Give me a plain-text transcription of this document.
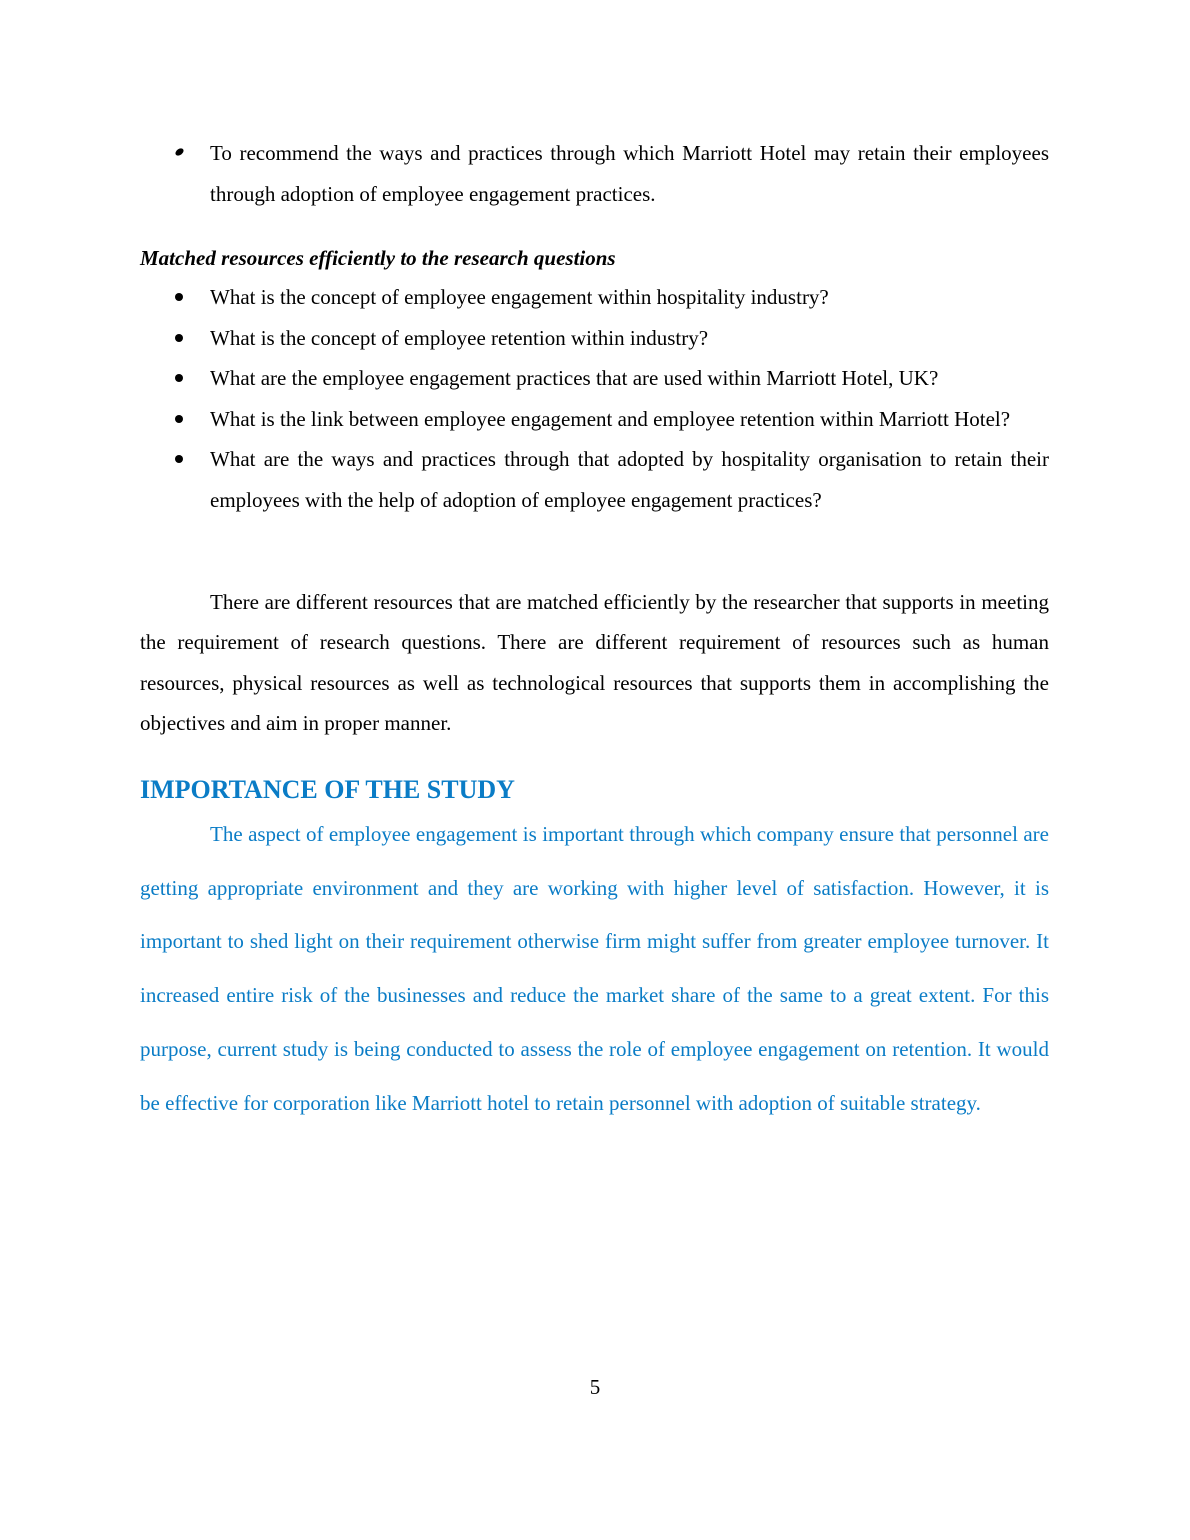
To recommend the ways and practices through which Marriott Hotel may retain their employees through adoption of employee engagement practices.
Matched resources efficiently to the research questions
What is the concept of employee engagement within hospitality industry?
What is the concept of employee retention within industry?
What are the employee engagement practices that are used within Marriott Hotel, UK?
What is the link between employee engagement and employee retention within Marriott Hotel?
What are the ways and practices through that adopted by hospitality organisation to retain their employees with the help of adoption of employee engagement practices?

There are different resources that are matched efficiently by the researcher that supports in meeting the requirement of research questions. There are different requirement of resources such as human resources, physical resources as well as technological resources that supports them in accomplishing the objectives and aim in proper manner.

IMPORTANCE OF THE STUDY

The aspect of employee engagement is important through which company ensure that personnel are getting appropriate environment and they are working with higher level of satisfaction. However, it is important to shed light on their requirement otherwise firm might suffer from greater employee turnover. It increased entire risk of the businesses and reduce the market share of the same to a great extent. For this purpose, current study is being conducted to assess the role of employee engagement on retention. It would be effective for corporation like Marriott hotel to retain personnel with adoption of suitable strategy.

5
